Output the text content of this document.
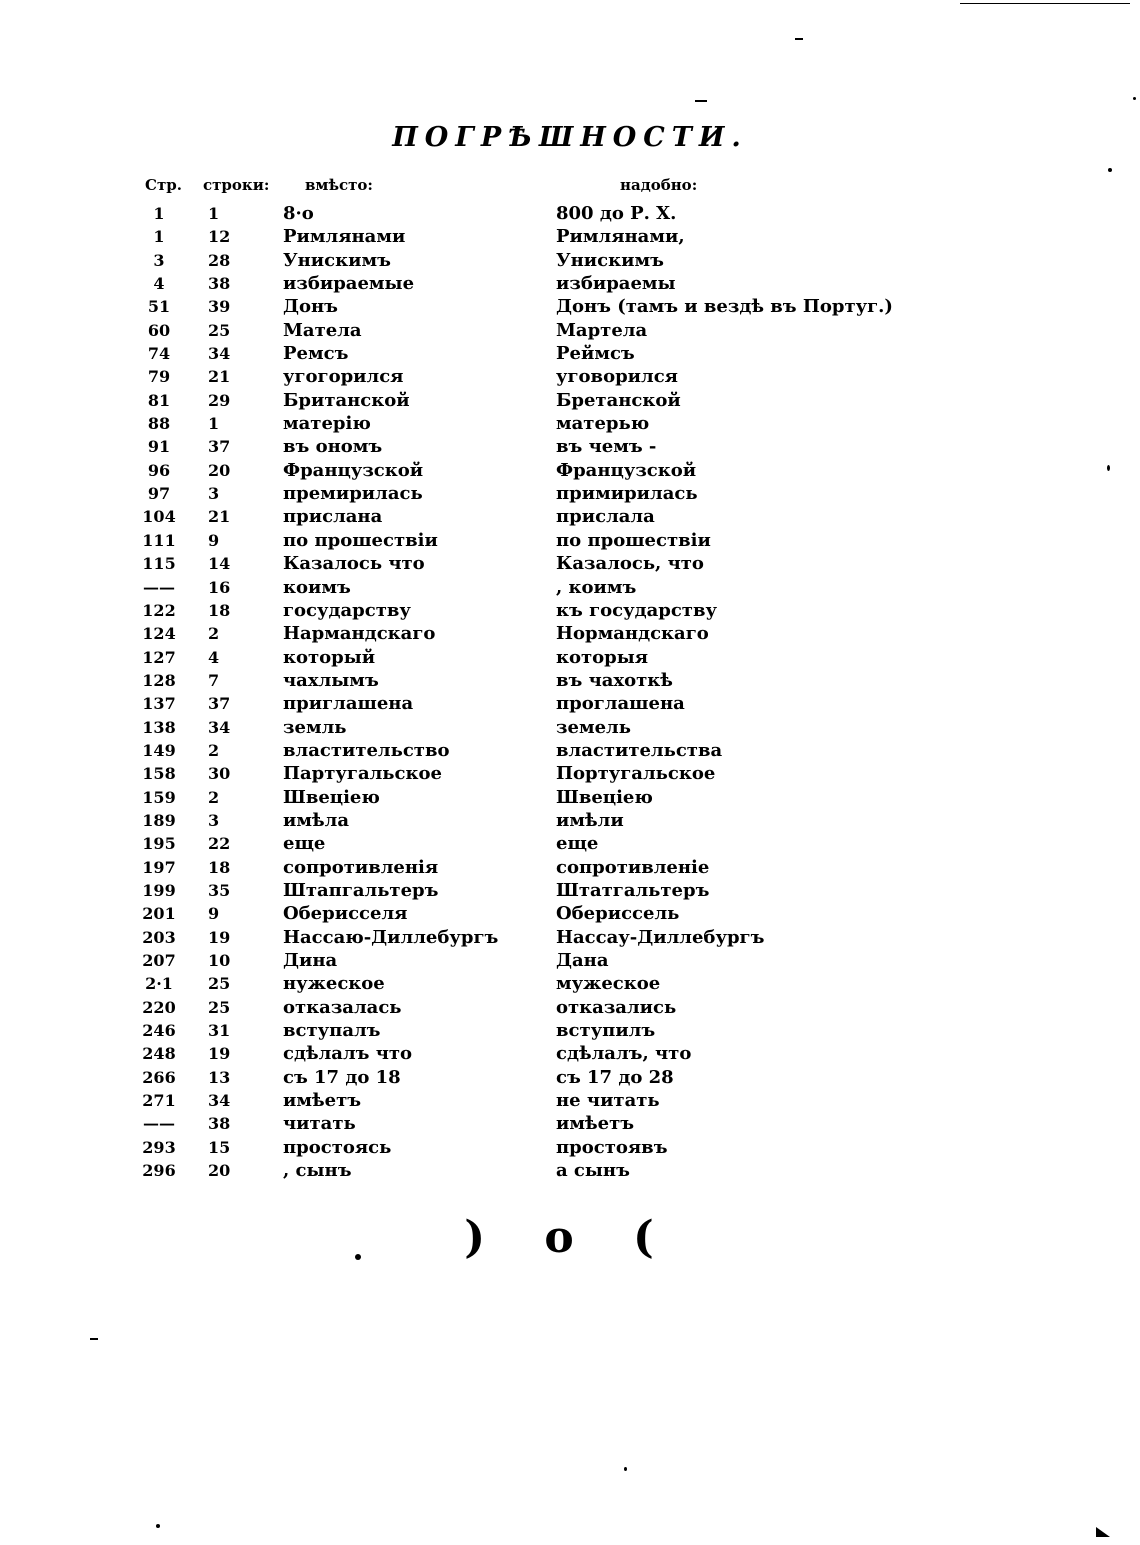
ПОГРѢШНОСТИ.
Стр. строки: вмѣсто:	надобно:
1	1	8·o	800 до Р. Х.
1	12	Римлянами	Римлянами,
3	28	Унискимъ	Унискимъ
4	38	избираемые	избираемы
51	39	Донъ	Донъ (тамъ и вездѣ въ Португ.)
60	25	Матела	Мартела
74	34	Ремсъ	Реймсъ
79	21	угогорился	уговорился
81	29	Британской	Бретанской
88	1	матерію	матерью
91	37	въ ономъ	въ чемъ -
96	20	Французской	Французской
97	3	премирилась	примирилась
104	21	прислана	прислала
111	9	по прошествіи	по прошествіи
115	14	Казалось что	Казалось, что
——	16	коимъ	, коимъ
122	18	государству	къ государству
124	2	Нармандскаго	Нормандскаго
127	4	который	которыя
128	7	чахлымъ	въ чахоткѣ
137	37	приглашена	проглашена
138	34	земль	земель
149	2	властительство	властительства
158	30	Партугальское	Португальское
159	2	Швеціею	Швеціею
189	3	имѣла	имѣли
195	22	еще	еще
197	18	сопротивленія	сопротивленіе
199	35	Штапгальтеръ	Штатгальтеръ
201	9	Оберисселя	Обериссель
203	19	Нассаю-Диллебургъ	Нассау-Диллебургъ
207	10	Дина	Дана
2·1	25	нужеское	мужеское
220	25	отказалась	отказались
246	31	вступалъ	вступилъ
248	19	сдѣлалъ что	сдѣлалъ, что
266	13	съ 17 до 18	съ 17 до 28
271	34	имѣетъ	не читать
——	38	читать	имѣетъ
293	15	простоясь	простоявъ
296	20	, сынъ	а сынъ
) o (
